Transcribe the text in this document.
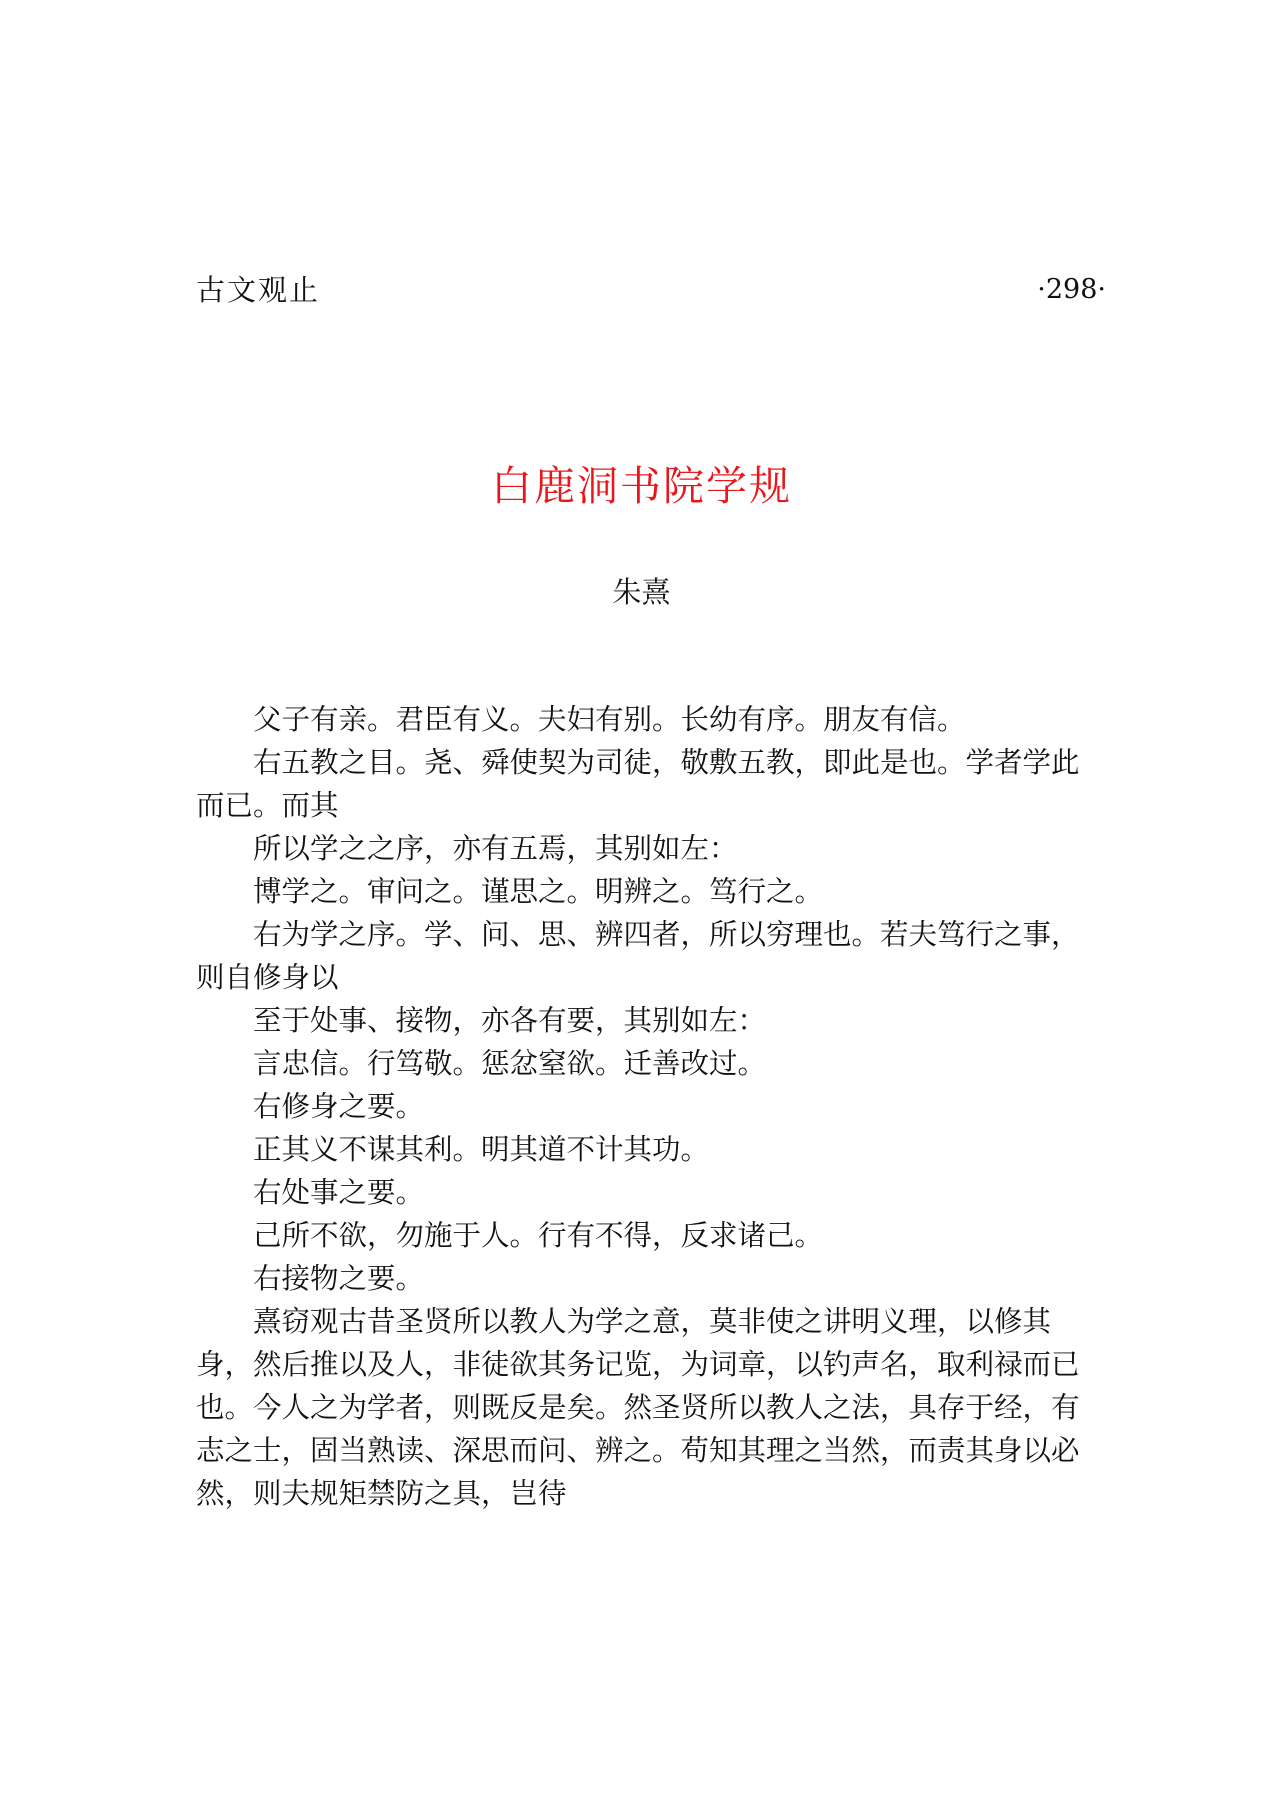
古文观止	·298·
白鹿洞书院学规
朱熹

父子有亲。君臣有义。夫妇有别。长幼有序。朋友有信。

右五教之目。尧、舜使契为司徒，敬敷五教，即此是也。学者学此而已。而其

所以学之之序，亦有五焉，其别如左：

博学之。审问之。谨思之。明辨之。笃行之。

右为学之序。学、问、思、辨四者，所以穷理也。若夫笃行之事，则自修身以

至于处事、接物，亦各有要，其别如左：

言忠信。行笃敬。惩忿窒欲。迁善改过。

右修身之要。

正其义不谋其利。明其道不计其功。

右处事之要。

己所不欲，勿施于人。行有不得，反求诸己。

右接物之要。

熹窃观古昔圣贤所以教人为学之意，莫非使之讲明义理，以修其身，然后推以及人，非徒欲其务记览，为词章，以钓声名，取利禄而已也。今人之为学者，则既反是矣。然圣贤所以教人之法，具存于经，有志之士，固当熟读、深思而问、辨之。苟知其理之当然，而责其身以必然，则夫规矩禁防之具，岂待
